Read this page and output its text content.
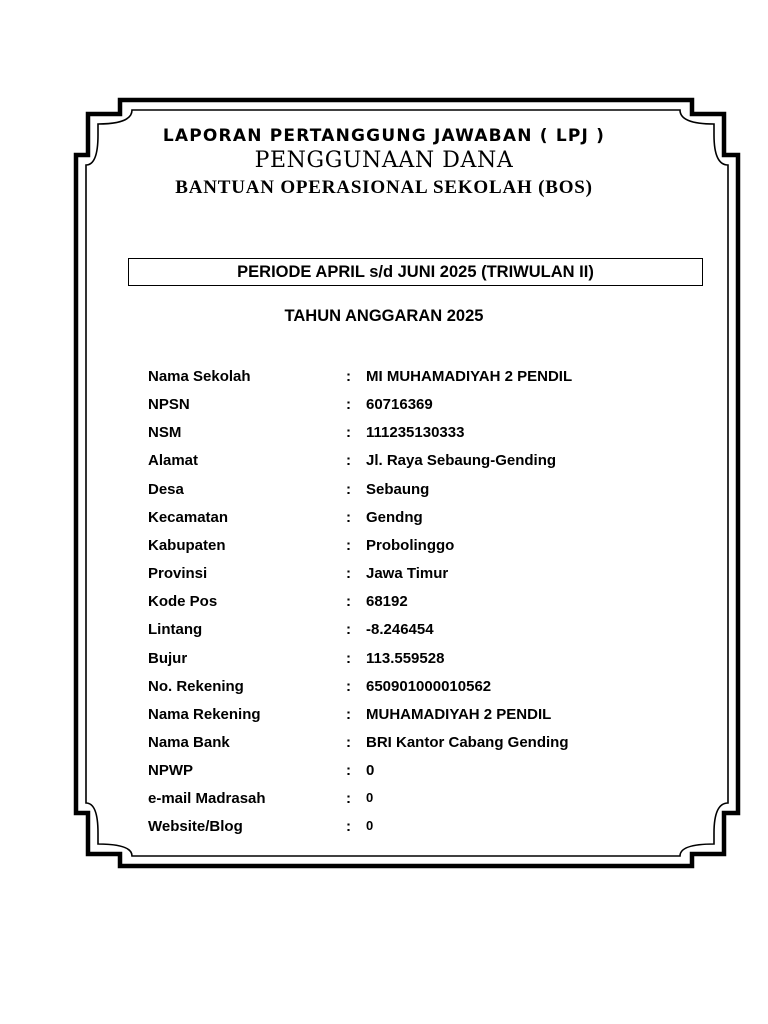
LAPORAN PERTANGGUNG JAWABAN ( LPJ )
PENGGUNAAN DANA
BANTUAN OPERASIONAL SEKOLAH (BOS)
PERIODE APRIL s/d JUNI 2025 (TRIWULAN II)
TAHUN ANGGARAN 2025
Nama Sekolah	: MI MUHAMADIYAH 2 PENDIL
NPSN	: 60716369
NSM	: 111235130333
Alamat	: Jl. Raya Sebaung-Gending
Desa	: Sebaung
Kecamatan	: Gendng
Kabupaten	: Probolinggo
Provinsi	: Jawa Timur
Kode Pos	: 68192
Lintang	: -8.246454
Bujur	: 113.559528
No. Rekening	: 650901000010562
Nama Rekening	: MUHAMADIYAH 2 PENDIL
Nama Bank	: BRI Kantor Cabang Gending
NPWP	: 0
e-mail Madrasah	: 0
Website/Blog	: 0
